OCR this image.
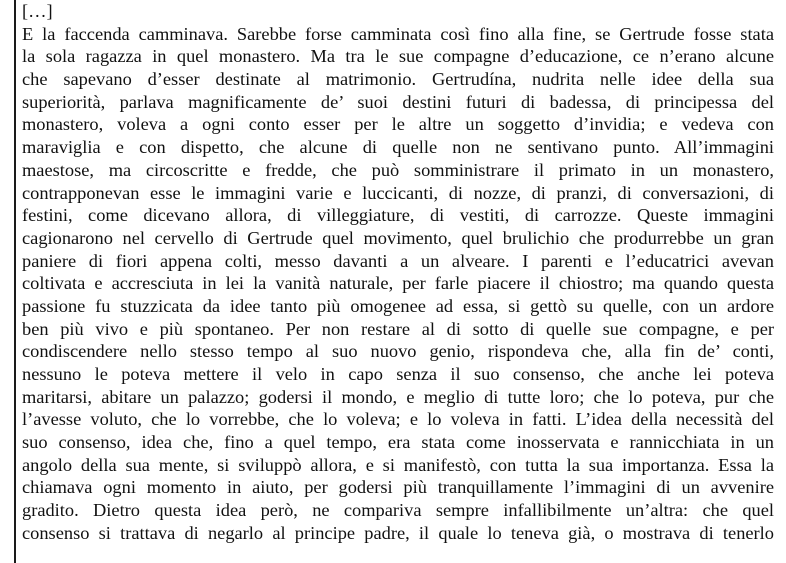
[…]
E la faccenda camminava. Sarebbe forse camminata così fino alla fine, se Gertrude fosse stata
la sola ragazza in quel monastero. Ma tra le sue compagne d’educazione, ce n’erano alcune
che sapevano d’esser destinate al matrimonio. Gertrudína, nudrita nelle idee della sua
superiorità, parlava magnificamente de’ suoi destini futuri di badessa, di principessa del
monastero, voleva a ogni conto esser per le altre un soggetto d’invidia; e vedeva con
maraviglia e con dispetto, che alcune di quelle non ne sentivano punto. All’immagini
maestose, ma circoscritte e fredde, che può somministrare il primato in un monastero,
contrapponevan esse le immagini varie e luccicanti, di nozze, di pranzi, di conversazioni, di
festini, come dicevano allora, di villeggiature, di vestiti, di carrozze. Queste immagini
cagionarono nel cervello di Gertrude quel movimento, quel brulichio che produrrebbe un gran
paniere di fiori appena colti, messo davanti a un alveare. I parenti e l’educatrici avevan
coltivata e accresciuta in lei la vanità naturale, per farle piacere il chiostro; ma quando questa
passione fu stuzzicata da idee tanto più omogenee ad essa, si gettò su quelle, con un ardore
ben più vivo e più spontaneo. Per non restare al di sotto di quelle sue compagne, e per
condiscendere nello stesso tempo al suo nuovo genio, rispondeva che, alla fin de’ conti,
nessuno le poteva mettere il velo in capo senza il suo consenso, che anche lei poteva
maritarsi, abitare un palazzo; godersi il mondo, e meglio di tutte loro; che lo poteva, pur che
l’avesse voluto, che lo vorrebbe, che lo voleva; e lo voleva in fatti. L’idea della necessità del
suo consenso, idea che, fino a quel tempo, era stata come inosservata e rannicchiata in un
angolo della sua mente, si sviluppò allora, e si manifestò, con tutta la sua importanza. Essa la
chiamava ogni momento in aiuto, per godersi più tranquillamente l’immagini di un avvenire
gradito. Dietro questa idea però, ne compariva sempre infallibilmente un’altra: che quel
consenso si trattava di negarlo al principe padre, il quale lo teneva già, o mostrava di tenerlo
